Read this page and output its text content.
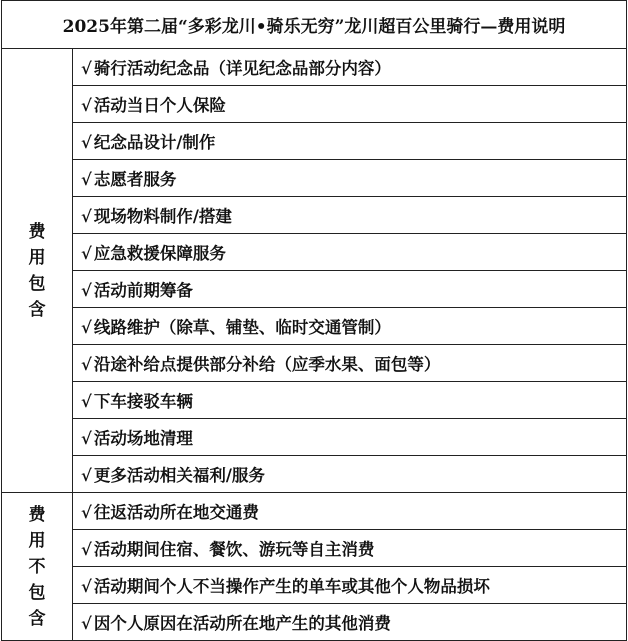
2025年第二届“多彩龙川•骑乐无穷”龙川超百公里骑行—费用说明	

费
用
包
含	√ 骑行活动纪念品（详见纪念品部分内容）
	√ 活动当日个人保险
	√ 纪念品设计/制作
	√ 志愿者服务
	√ 现场物料制作/搭建
	√ 应急救援保障服务
	√ 活动前期筹备
	√ 线路维护（除草、铺垫、临时交通管制）
	√ 沿途补给点提供部分补给（应季水果、面包等）
	√ 下车接驳车辆
	√ 活动场地清理
	√ 更多活动相关福利/服务

费
用
不
包
含	√ 往返活动所在地交通费
	√ 活动期间住宿、餐饮、游玩等自主消费
	√ 活动期间个人不当操作产生的单车或其他个人物品损坏
	√ 因个人原因在活动所在地产生的其他消费
